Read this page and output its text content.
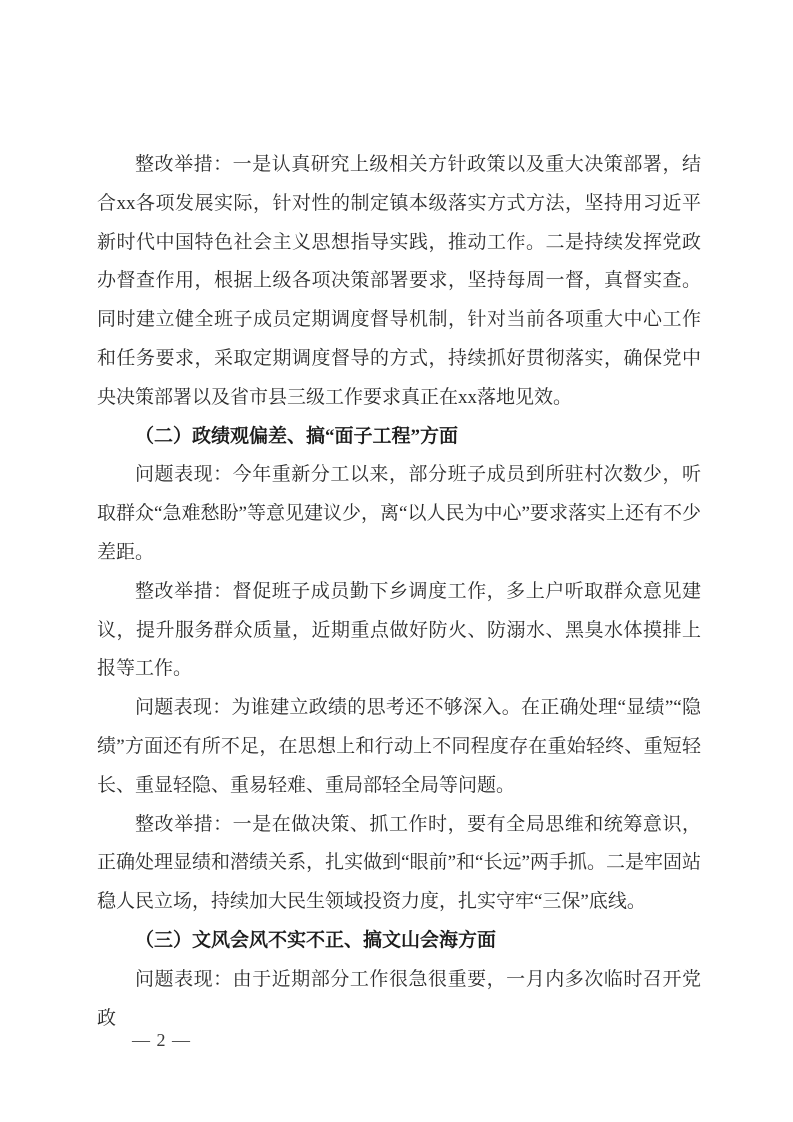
整改举措：一是认真研究上级相关方针政策以及重大决策部署，结合xx各项发展实际，针对性的制定镇本级落实方式方法，坚持用习近平新时代中国特色社会主义思想指导实践，推动工作。二是持续发挥党政办督查作用，根据上级各项决策部署要求，坚持每周一督，真督实查。同时建立健全班子成员定期调度督导机制，针对当前各项重大中心工作和任务要求，采取定期调度督导的方式，持续抓好贯彻落实，确保党中央决策部署以及省市县三级工作要求真正在xx落地见效。

（二）政绩观偏差、搞“面子工程”方面

问题表现：今年重新分工以来，部分班子成员到所驻村次数少，听取群众“急难愁盼”等意见建议少，离“以人民为中心”要求落实上还有不少差距。

整改举措：督促班子成员勤下乡调度工作，多上户听取群众意见建议，提升服务群众质量，近期重点做好防火、防溺水、黑臭水体摸排上报等工作。

问题表现：为谁建立政绩的思考还不够深入。在正确处理“显绩”“隐绩”方面还有所不足，在思想上和行动上不同程度存在重始轻终、重短轻长、重显轻隐、重易轻难、重局部轻全局等问题。

整改举措：一是在做决策、抓工作时，要有全局思维和统筹意识，正确处理显绩和潜绩关系，扎实做到“眼前”和“长远”两手抓。二是牢固站稳人民立场，持续加大民生领域投资力度，扎实守牢“三保”底线。

（三）文风会风不实不正、搞文山会海方面

问题表现：由于近期部分工作很急很重要，一月内多次临时召开党政

— 2 —
